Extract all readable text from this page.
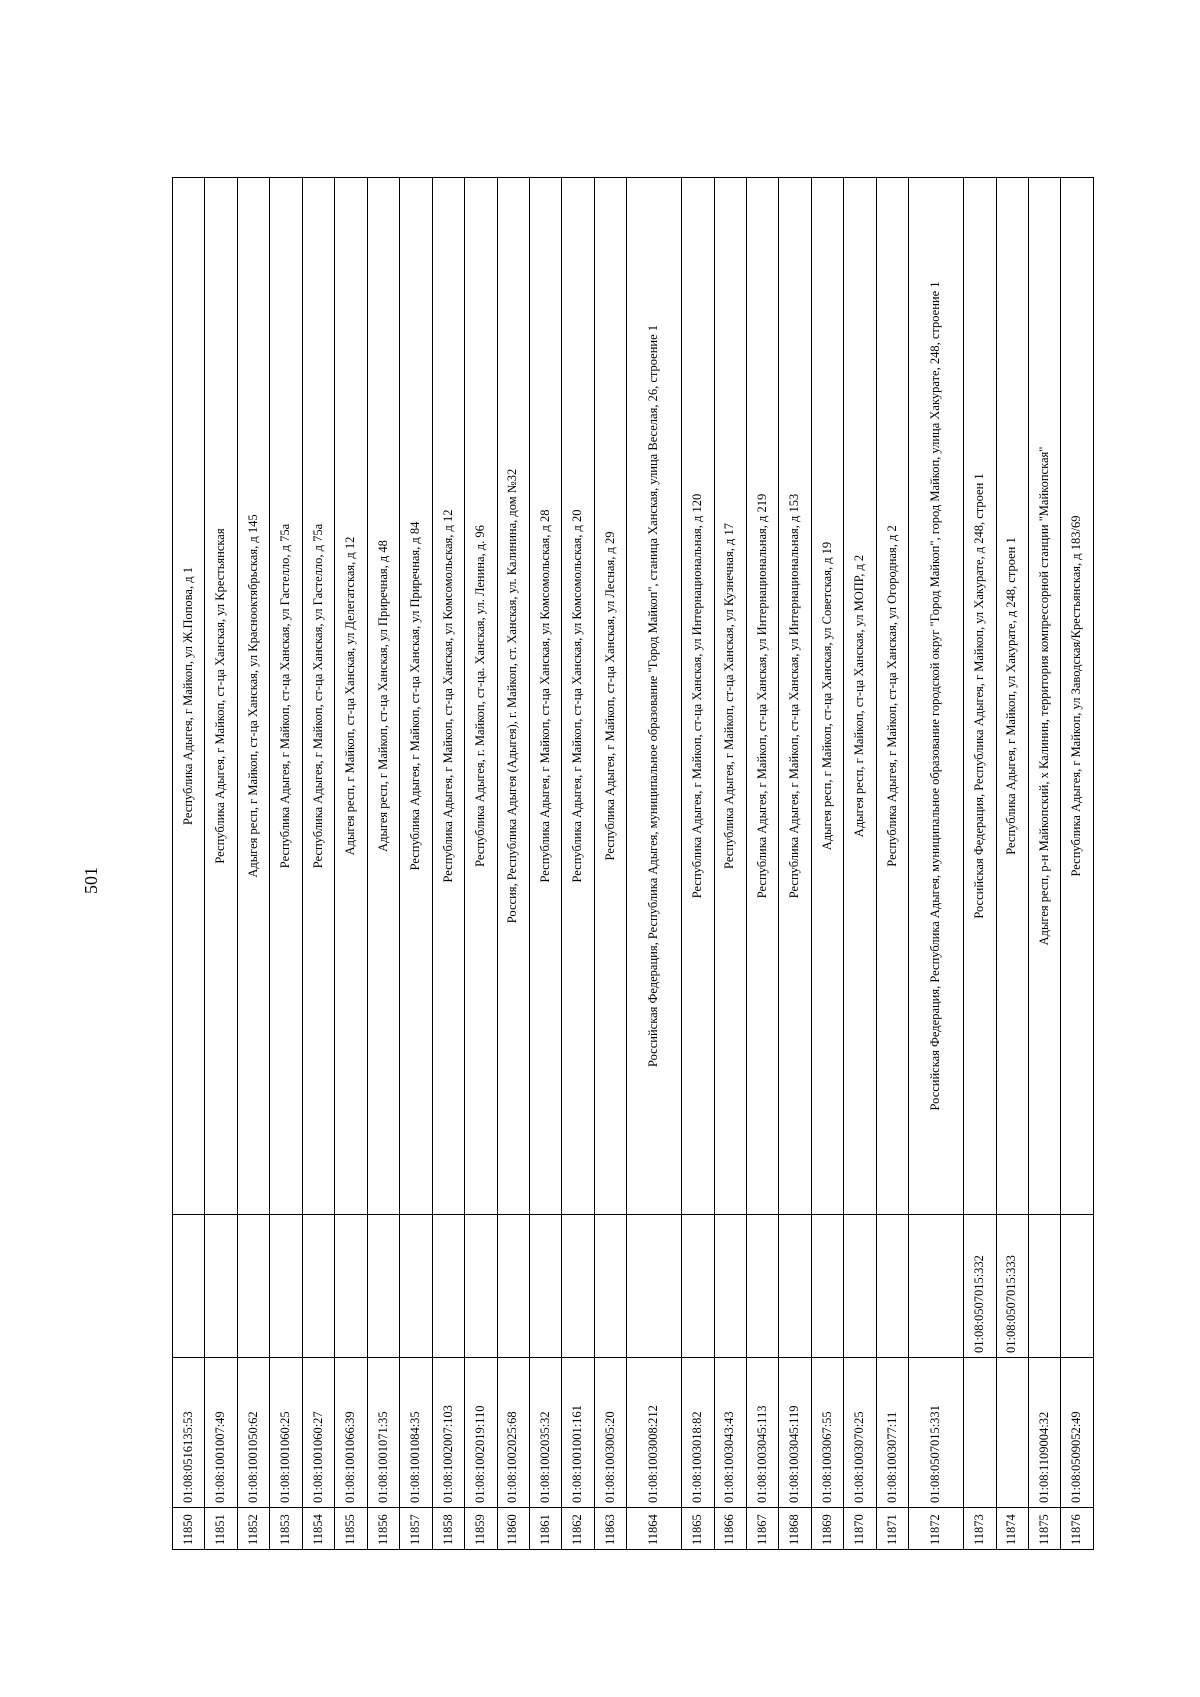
501
11850	01:08:0516135:53		Республика Адыгея, г Майкоп, ул Ж.Попова, д 1
11851	01:08:1001007:49		Республика Адыгея, г Майкоп, ст-ца Ханская, ул Крестьянская
11852	01:08:1001050:62		Адыгея респ, г Майкоп, ст-ца Ханская, ул Краснооктябрьская, д 145
11853	01:08:1001060:25		Республика Адыгея, г Майкоп, ст-ца Ханская, ул Гастелло, д 75а
11854	01:08:1001060:27		Республика Адыгея, г Майкоп, ст-ца Ханская, ул Гастелло, д 75а
11855	01:08:1001066:39		Адыгея респ, г Майкоп, ст-ца Ханская, ул Делегатская, д 12
11856	01:08:1001071:35		Адыгея респ, г Майкоп, ст-ца Ханская, ул Приречная, д 48
11857	01:08:1001084:35		Республика Адыгея, г Майкоп, ст-ца Ханская, ул Приречная, д 84
11858	01:08:1002007:103		Республика Адыгея, г Майкоп, ст-ца Ханская, ул Комсомольская, д 12
11859	01:08:1002019:110		Республика Адыгея, г. Майкоп, ст-ца. Ханская, ул. Ленина, д. 96
11860	01:08:1002025:68		Россия, Республика Адыгея (Адыгея), г. Майкоп, ст. Ханская, ул. Калинина, дом №32
11861	01:08:1002035:32		Республика Адыгея, г Майкоп, ст-ца Ханская, ул Комсомольская, д 28
11862	01:08:1001001:161		Республика Адыгея, г Майкоп, ст-ца Ханская, ул Комсомольская, д 20
11863	01:08:1003005:20		Республика Адыгея, г Майкоп, ст-ца Ханская, ул Лесная, д 29
11864	01:08:1003008:212		Российская Федерация, Республика Адыгея, муниципальное образование "Город Майкоп", станица Ханская, улица Веселая, 26, строение 1
11865	01:08:1003018:82		Республика Адыгея, г Майкоп, ст-ца Ханская, ул Интернациональная, д 120
11866	01:08:1003043:43		Республика Адыгея, г Майкоп, ст-ца Ханская, ул Кузнечная, д 17
11867	01:08:1003045:113		Республика Адыгея, г Майкоп, ст-ца Ханская, ул Интернациональная, д 219
11868	01:08:1003045:119		Республика Адыгея, г Майкоп, ст-ца Ханская, ул Интернациональная, д 153
11869	01:08:1003067:55		Адыгея респ, г Майкоп, ст-ца Ханская, ул Советская, д 19
11870	01:08:1003070:25		Адыгея респ, г Майкоп, ст-ца Ханская, ул МОПР, д 2
11871	01:08:1003077:11		Республика Адыгея, г Майкоп, ст-ца Ханская, ул Огородная, д 2
11872	01:08:0507015:331		Российская Федерация, Республика Адыгея, муниципальное образование городской округ "Город Майкоп", город Майкоп, улица Хакурате, 248, строение 1
11873		01:08:0507015:332	Российская Федерация, Республика Адыгея, г Майкоп, ул Хакурате, д 248, строен 1
11874		01:08:0507015:333	Республика Адыгея, г Майкоп, ул Хакурате, д 248, строен 1
11875	01:08:1109004:32		Адыгея респ, р-н Майкопский, х Калинин, территория компрессорной станции "Майкопская"
11876	01:08:0509052:49		Республика Адыгея, г Майкоп, ул Заводская/Крестьянская, д 183/69
